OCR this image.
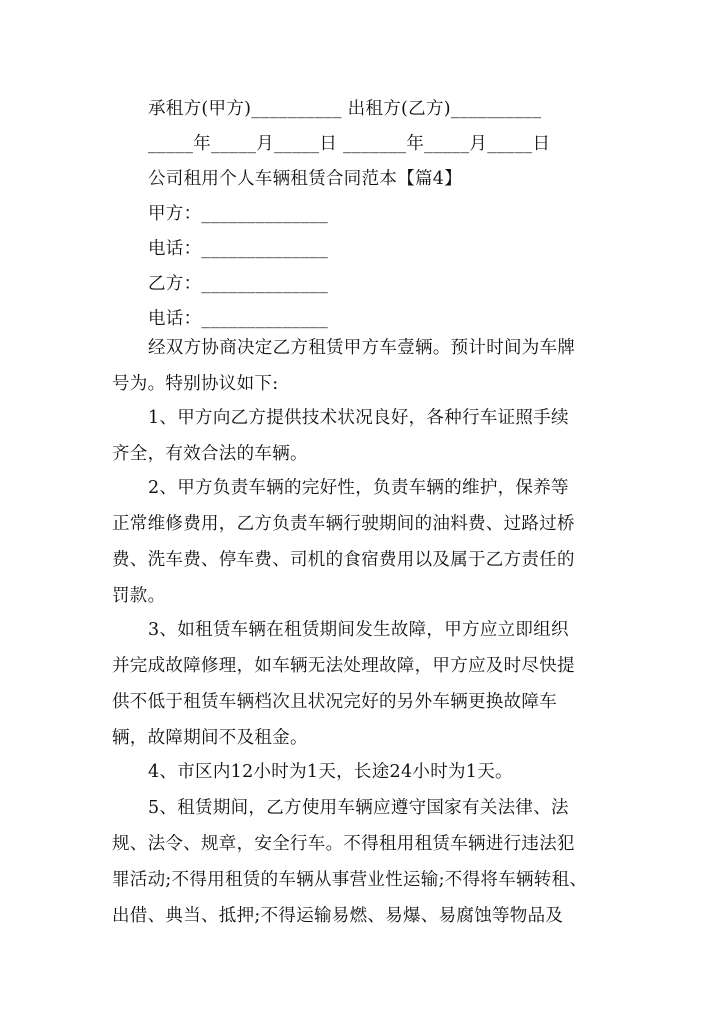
承租方(甲方)__________ 出租方(乙方)__________
_____年_____月_____日 _______年_____月_____日
公司租用个人车辆租赁合同范本【篇4】
甲方：______________
电话：______________
乙方：______________
电话：______________
经双方协商决定乙方租赁甲方车壹辆。预计时间为车牌
号为。特别协议如下:
1、甲方向乙方提供技术状况良好，各种行车证照手续
齐全，有效合法的车辆。
2、甲方负责车辆的完好性，负责车辆的维护，保养等
正常维修费用，乙方负责车辆行驶期间的油料费、过路过桥
费、洗车费、停车费、司机的食宿费用以及属于乙方责任的
罚款。
3、如租赁车辆在租赁期间发生故障，甲方应立即组织
并完成故障修理，如车辆无法处理故障，甲方应及时尽快提
供不低于租赁车辆档次且状况完好的另外车辆更换故障车
辆，故障期间不及租金。
4、市区内12小时为1天，长途24小时为1天。
5、租赁期间，乙方使用车辆应遵守国家有关法律、法
规、法令、规章，安全行车。不得租用租赁车辆进行违法犯
罪活动;不得用租赁的车辆从事营业性运输;不得将车辆转租、
出借、典当、抵押;不得运输易燃、易爆、易腐蚀等物品及
